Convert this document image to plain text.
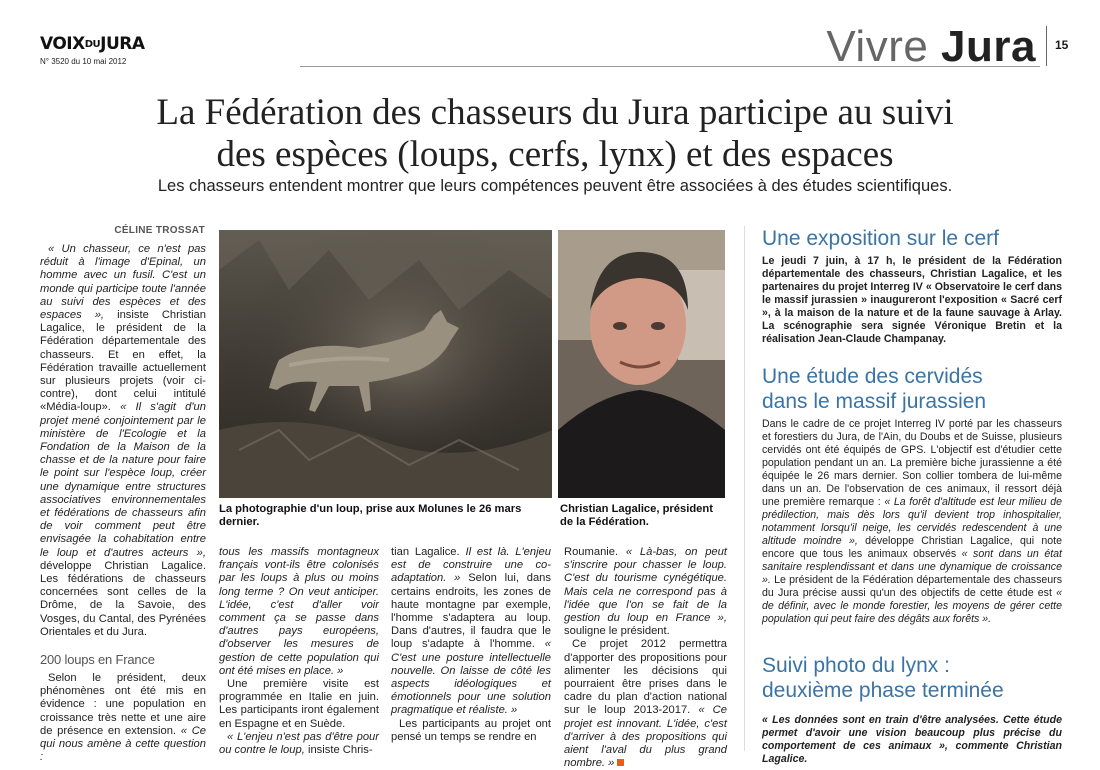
VOIXDUJURA
N° 3520 du 10 mai 2012	Vivre Jura 15
La Fédération des chasseurs du Jura participe au suivi
des espèces (loups, cerfs, lynx) et des espaces
Les chasseurs entendent montrer que leurs compétences peuvent être associées à des études scientifiques.
CÉLINE TROSSAT

« Un chasseur, ce n'est pas réduit à l'image d'Epinal, un homme avec un fusil. C'est un monde qui participe toute l'année au suivi des espèces et des espaces », insiste Christian Lagalice, le président de la Fédération départementale des chasseurs. Et en effet, la Fédération travaille actuellement sur plusieurs projets (voir ci-contre), dont celui intitulé «Média-loup». « Il s'agit d'un projet mené conjointement par le ministère de l'Ecologie et la Fondation de la Maison de la chasse et de la nature pour faire le point sur l'espèce loup, créer une dynamique entre structures associatives environnementales et fédérations de chasseurs afin de voir comment peut être envisagée la cohabitation entre le loup et d'autres acteurs », développe Christian Lagalice. Les fédérations de chasseurs concernées sont celles de la Drôme, de la Savoie, des Vosges, du Cantal, des Pyrénées Orientales et du Jura.

200 loups en France

Selon le président, deux phénomènes ont été mis en évidence : une population en croissance très nette et une aire de présence en extension. « Ce qui nous amène à cette question :

La photographie d'un loup, prise aux Molunes le 26 mars dernier.
Christian Lagalice, président de la Fédération.

tous les massifs montagneux français vont-ils être colonisés par les loups à plus ou moins long terme ? On veut anticiper. L'idée, c'est d'aller voir comment ça se passe dans d'autres pays européens, d'observer les mesures de gestion de cette population qui ont été mises en place. »

Une première visite est programmée en Italie en juin. Les participants iront également en Espagne et en Suède.

« L'enjeu n'est pas d'être pour ou contre le loup, insiste Chris-

tian Lagalice. Il est là. L'enjeu est de construire une co-adaptation. » Selon lui, dans certains endroits, les zones de haute montagne par exemple, l'homme s'adaptera au loup. Dans d'autres, il faudra que le loup s'adapte à l'homme. « C'est une posture intellectuelle nouvelle. On laisse de côté les aspects idéologiques et émotionnels pour une solution pragmatique et réaliste. »

Les participants au projet ont pensé un temps se rendre en

Roumanie. « Là-bas, on peut s'inscrire pour chasser le loup. C'est du tourisme cynégétique. Mais cela ne correspond pas à l'idée que l'on se fait de la gestion du loup en France », souligne le président.

Ce projet 2012 permettra d'apporter des propositions pour alimenter les décisions qui pourraient être prises dans le cadre du plan d'action national sur le loup 2013-2017. « Ce projet est innovant. L'idée, c'est d'arriver à des propositions qui aient l'aval du plus grand nombre. »

Une exposition sur le cerf
Le jeudi 7 juin, à 17 h, le président de la Fédération départementale des chasseurs, Christian Lagalice, et les partenaires du projet Interreg IV « Observatoire le cerf dans le massif jurassien » inaugureront l'exposition « Sacré cerf », à la maison de la nature et de la faune sauvage à Arlay. La scénographie sera signée Véronique Bretin et la réalisation Jean-Claude Champanay.
Une étude des cervidés
dans le massif jurassien
Dans le cadre de ce projet Interreg IV porté par les chasseurs et forestiers du Jura, de l'Ain, du Doubs et de Suisse, plusieurs cervidés ont été équipés de GPS. L'objectif est d'étudier cette population pendant un an. La première biche jurassienne a été équipée le 26 mars dernier. Son collier tombera de lui-même dans un an. De l'observation de ces animaux, il ressort déjà une première remarque : « La forêt d'altitude est leur milieu de prédilection, mais dès lors qu'il devient trop inhospitalier, notamment lorsqu'il neige, les cervidés redescendent à une altitude moindre », développe Christian Lagalice, qui note encore que tous les animaux observés « sont dans un état sanitaire resplendissant et dans une dynamique de croissance ». Le président de la Fédération départementale des chasseurs du Jura précise aussi qu'un des objectifs de cette étude est « de définir, avec le monde forestier, les moyens de gérer cette population qui peut faire des dégâts aux forêts ».
Suivi photo du lynx :
deuxième phase terminée
« Les données sont en train d'être analysées. Cette étude permet d'avoir une vision beaucoup plus précise du comportement de ces animaux », commente Christian Lagalice.
